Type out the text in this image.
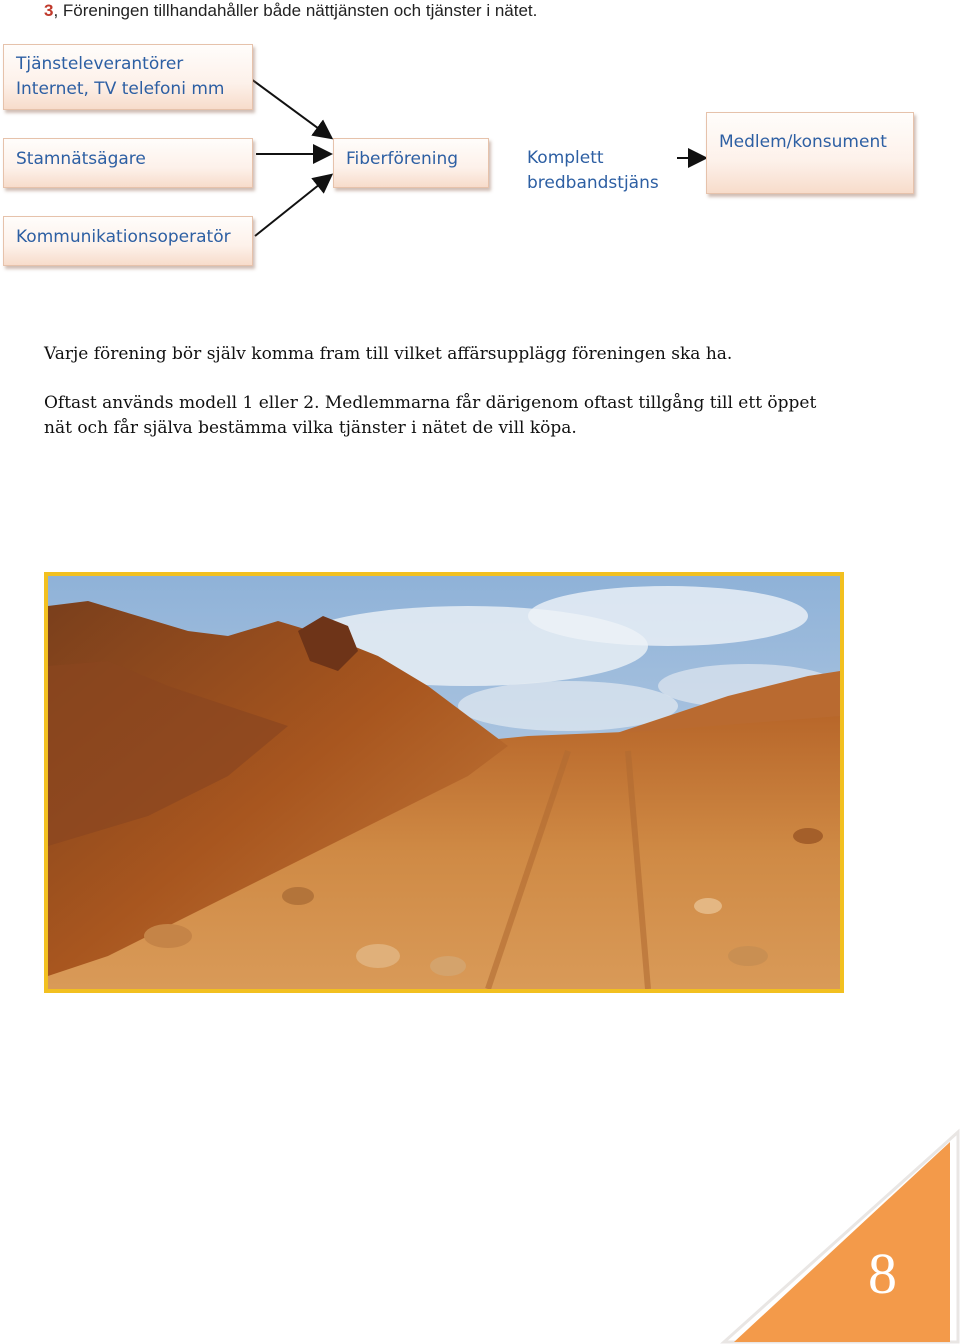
3, Föreningen tillhandahåller både nättjänsten och tjänster i nätet.
Tjänsteleverantörer
Internet, TV telefoni mm
Stamnätsägare
Kommunikationsoperatör
Fiberförening	Komplett
bredbandstjäns
Medlem/konsument
Varje förening bör själv komma fram till vilket affärsupplägg föreningen ska ha.
Oftast används modell 1 eller 2. Medlemmarna får därigenom oftast tillgång till ett öppet
nät och får själva bestämma vilka tjänster i nätet de vill köpa.
8
